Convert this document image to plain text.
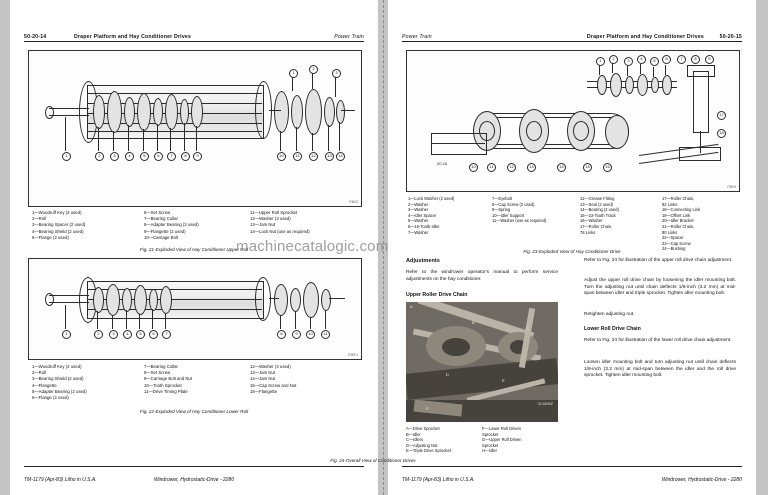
50-20-14	Draper Platform and Hay Conditioner Drives	Power Train
1	2	3	4	5	6	7	8	9	10	11	12	13	14
1
2
3
F3KG
1—Woodruff Key (2 used)
2—Roll
3—Bearing Spacer (2 used)
4—Bearing Shield (2 used)
5—Flange (2 used)
6—Set Screw
7—Bearing Collar
8—Adapter Bearing (2 used)
9—Flangette (2 used)
10—Carriage Bolt
11—Upper Roll Sprocket
12—Washer (3 used)
13—Jam Nut
14—Lock Nut (use as required)
Fig. 21-Exploded View of Hay Conditioner Upper Roll
1	2	3	4	5	6	7	8	9	10	11
F3KF1
1—Woodruff Key (2 used)
2—Roll
3—Bearing Shield (2 used)
4—Flangette
5—Adapter Bearing (2 used)
6—Flange (2 used)
7—Bearing Collar
8—Set Screw
9—Carriage Bolt and Nut
10—Tooth Sprocket
11—Drive Timing Plate
12—Washer (3 used)
13—Jam Nut
14—Jam Nut
15—Cap Screw and Nut
16—Flangette
Fig. 22-Exploded View of Hay Conditioner Lower Roll
TM-1179 (Apr-83) Litho in U.S.A.	Windrower, Hydrostatic-Drive - 2280
Power Train	Draper Platform and Hay Conditioner Drives	50-20-15
1	2	3	4	5	6	7	8	9
10	11	12	13	14	15	16
17
18
20-16
F3KH
1—Lock Washer (2 used)
2—Washer
3—Washer
4—Idler Spacer
5—Washer
6—15-Tooth Idler
7—Washer
7—Eyebolt
8—Cap Screw (2 used)
9—Spring
10—Idler Support
11—Washer (use as required)
12—Grease Fitting
13—Seal (2 used)
14—Bearing (2 used)
15—23-Tooth Track
16—Washer
17—Roller Chain,
78 Links
17—Roller Chain,
82 Links
18—Connecting Link
19—Offset Link
20—Idler Bracket
21—Roller Chain,
80 Links
22—Spacer
23—Cap Screw
24—Bushing
Fig. 23-Exploded View of Hay Conditioner Drive
Adjustments
Refer to the windrower operator's manual to perform service adjustments on the hay conditioner.
Upper Roller Drive Chain
A
B
C
D
E
F
XC44H9Z
A—Drive Sprocket
B—Idler
C—Idlers
D—Adjusting Nut
E—Triple Drive Sprocket
F—Lower Roll Driven
Sprocket
G—Upper Roll Driven
Sprocket
H—Idler
Fig. 24-Overall View of Conditioner Drives
Refer to Fig. 24 for illustration of the upper roll drive chain adjustment.
Adjust the upper roll drive chain by loosening the idler mounting bolt. Turn the adjusting nut until chain deflects 1/8-inch (3.2 mm) at mid-span between idler and triple sprocket. Tighten idler mounting bolt.
Retighten adjusting nut.
Lower Roll Drive Chain
Refer to Fig. 24 for illustration of the lower roll drive chain adjustment.
Loosen idler mounting bolt and turn adjusting nut until chain deflects 1/8-inch (3.2 mm) at mid-span between the idler and the roll drive sprocket. Tighten idler mounting bolt.
TM-1179 (Apr-83) Litho in U.S.A.	Windrower, Hydrostatic-Drive - 2280
machinecatalogic.com
